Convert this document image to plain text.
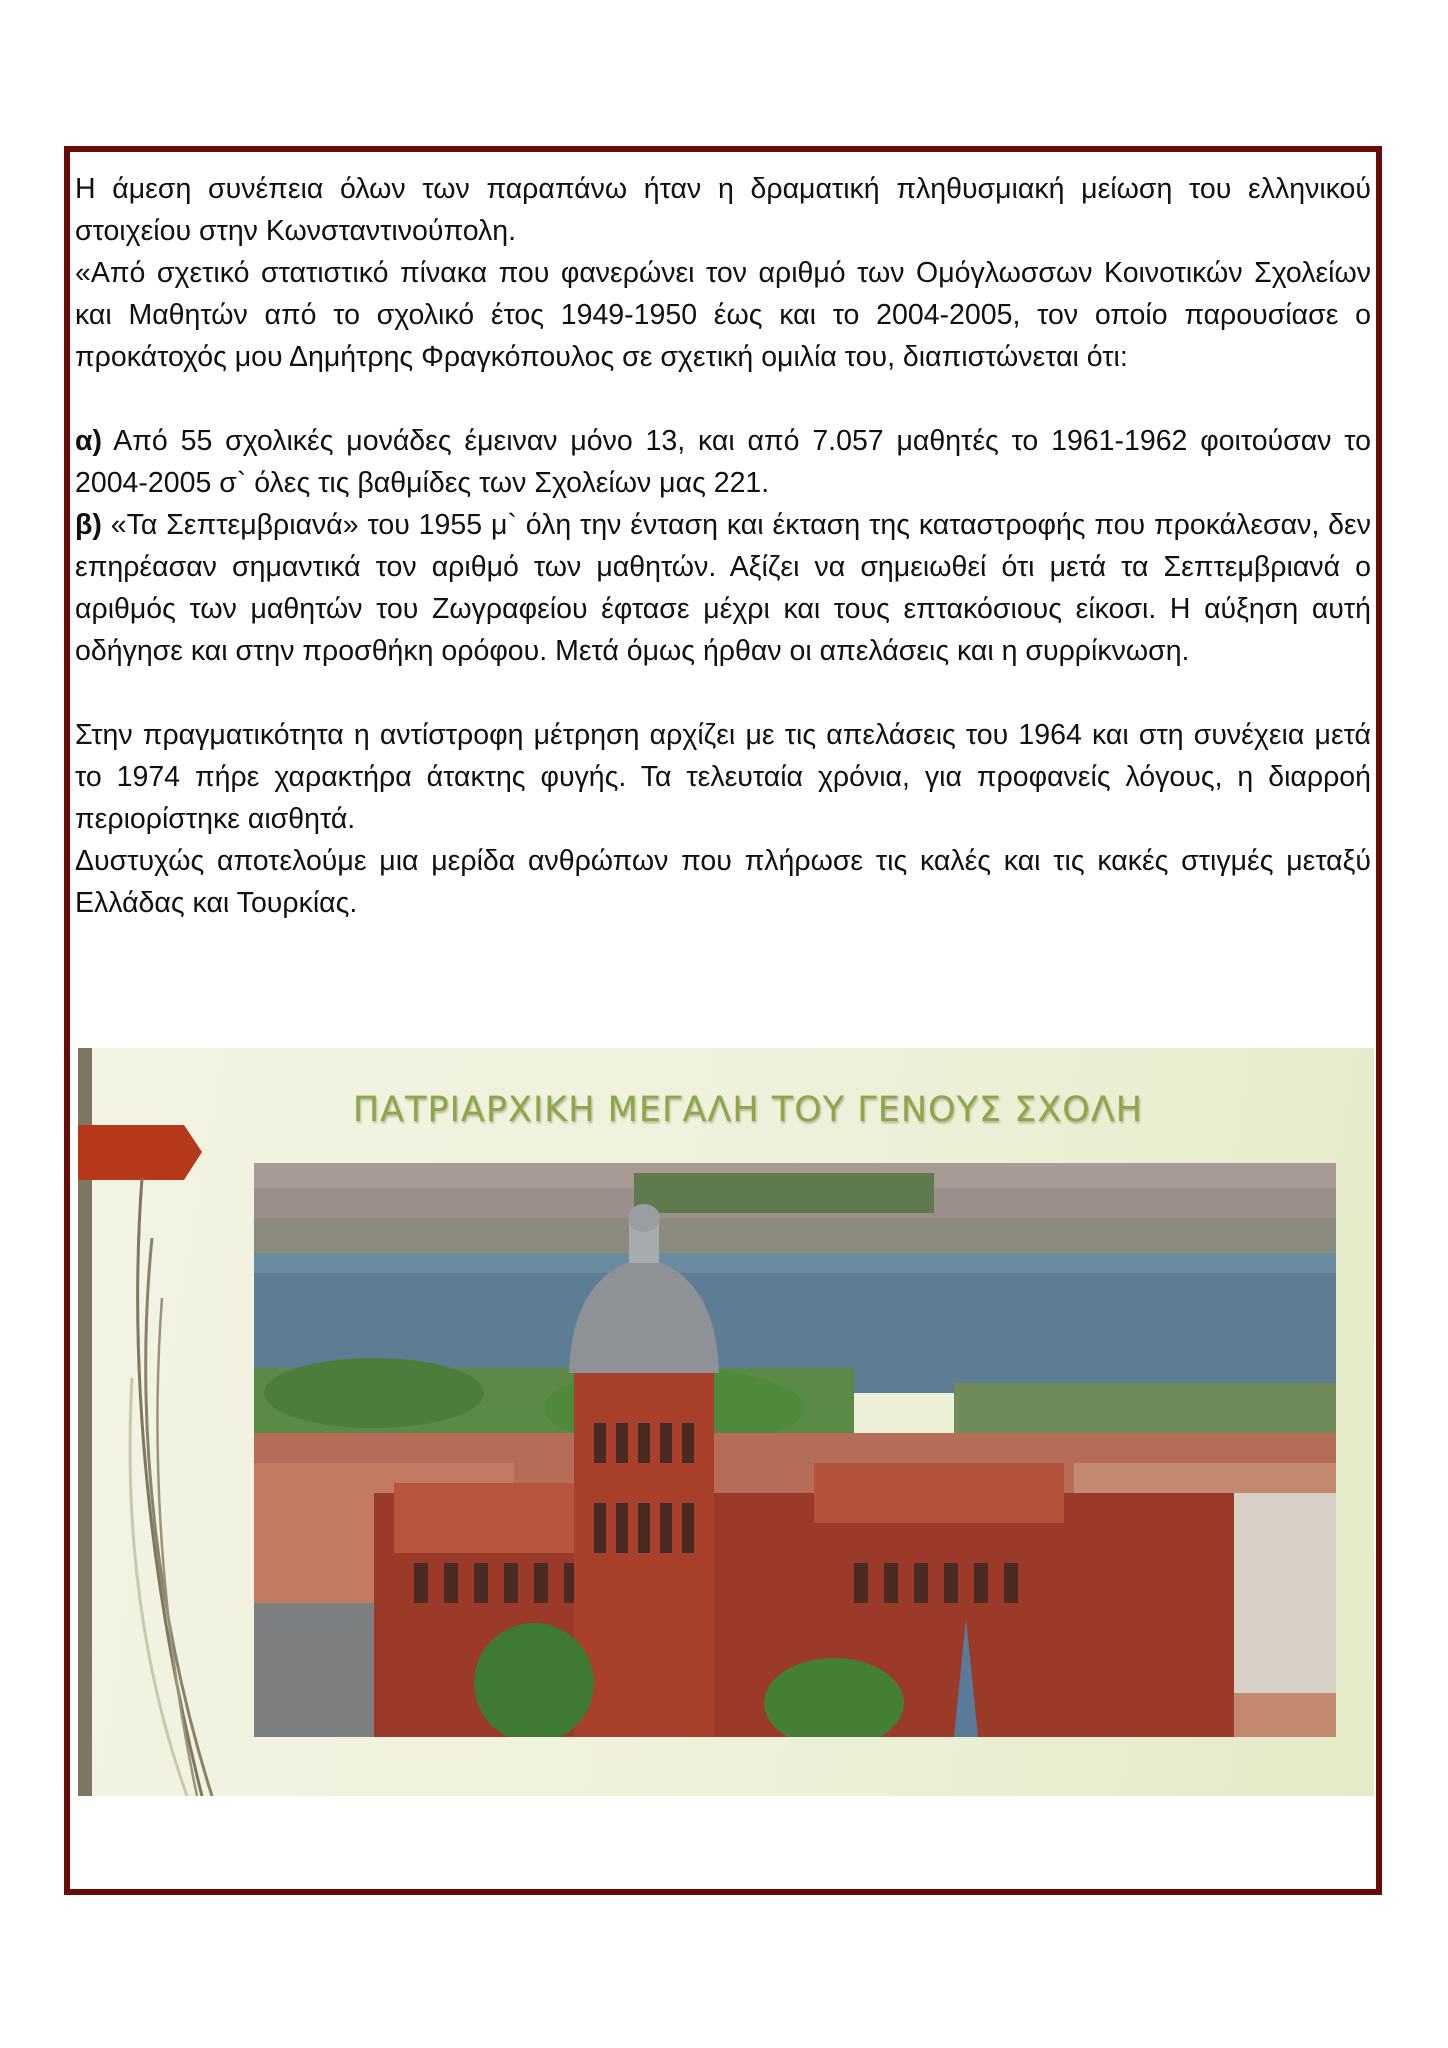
Η άμεση συνέπεια όλων των παραπάνω ήταν η δραματική πληθυσμιακή μείωση του ελληνικού στοιχείου στην Κωνσταντινούπολη.

«Από σχετικό στατιστικό πίνακα που φανερώνει τον αριθμό των Ομόγλωσσων Κοινοτικών Σχολείων και Μαθητών από το σχολικό έτος 1949-1950 έως και το 2004-2005, τον οποίο παρουσίασε ο προκάτοχός μου Δημήτρης Φραγκόπουλος σε σχετική ομιλία του, διαπιστώνεται ότι:

α) Από 55 σχολικές μονάδες έμειναν μόνο 13, και από 7.057 μαθητές το 1961-1962 φοιτούσαν το 2004-2005 σ` όλες τις βαθμίδες των Σχολείων μας 221.

β) «Τα Σεπτεμβριανά» του 1955 μ` όλη την ένταση και έκταση της καταστροφής που προκάλεσαν, δεν επηρέασαν σημαντικά τον αριθμό των μαθητών. Αξίζει να σημειωθεί ότι μετά τα Σεπτεμβριανά ο αριθμός των μαθητών του Ζωγραφείου έφτασε μέχρι και τους επτακόσιους είκοσι. Η αύξηση αυτή οδήγησε και στην προσθήκη ορόφου. Μετά όμως ήρθαν οι απελάσεις και η συρρίκνωση.

Στην πραγματικότητα η αντίστροφη μέτρηση αρχίζει με τις απελάσεις του 1964 και στη συνέχεια μετά το 1974 πήρε χαρακτήρα άτακτης φυγής. Τα τελευταία χρόνια, για προφανείς λόγους, η διαρροή περιορίστηκε αισθητά.

Δυστυχώς αποτελούμε μια μερίδα ανθρώπων που πλήρωσε τις καλές και τις κακές στιγμές μεταξύ Ελλάδας και Τουρκίας.

ΠΑΤΡΙΑΡΧΙΚΗ ΜΕΓΑΛΗ ΤΟΥ ΓΕΝΟΥΣ ΣΧΟΛΗ
